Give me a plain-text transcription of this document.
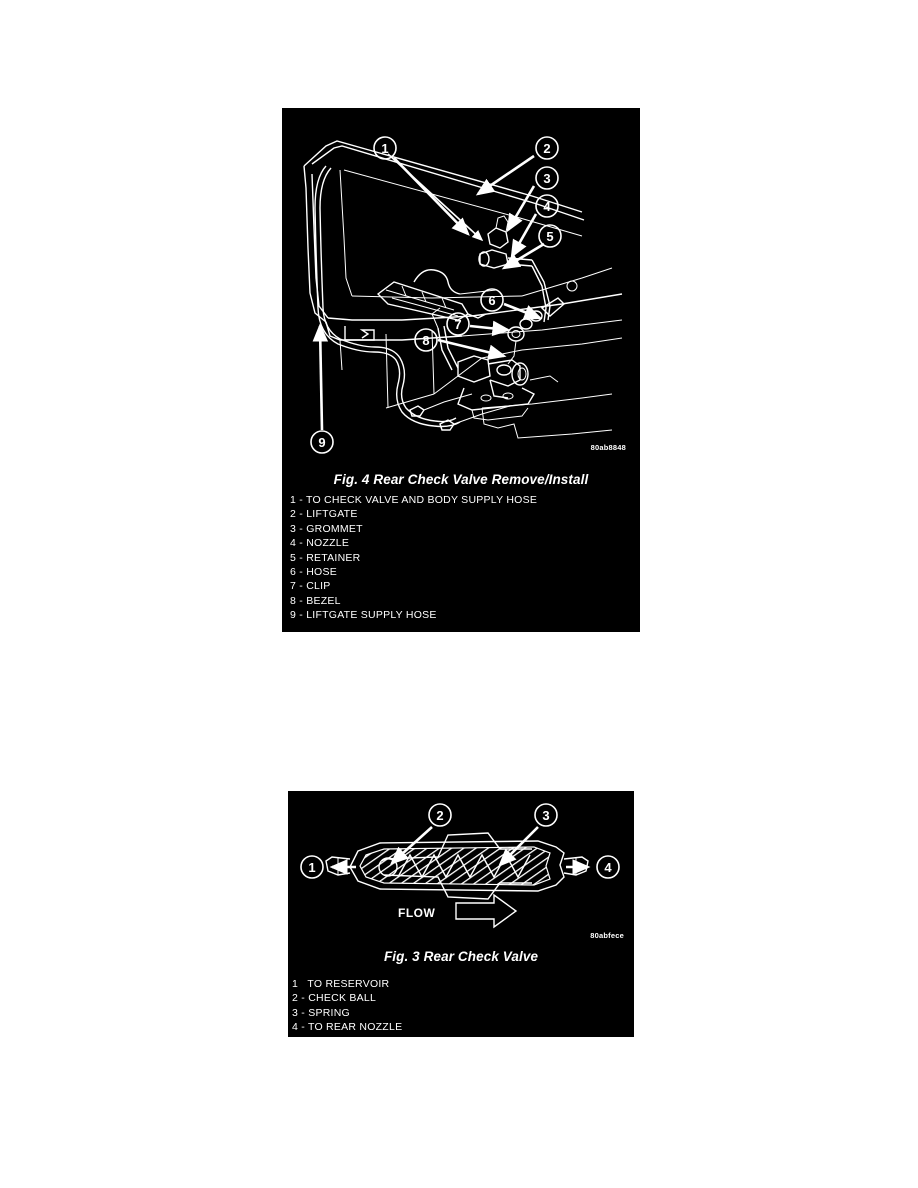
1	2
3
4
5
6
7
8
9	80ab8848
Fig. 4 Rear Check Valve Remove/Install
1 - TO CHECK VALVE AND BODY SUPPLY HOSE
2 - LIFTGATE
3 - GROMMET
4 - NOZZLE
5 - RETAINER
6 - HOSE
7 - CLIP
8 - BEZEL
9 - LIFTGATE SUPPLY HOSE
FLOW
1
2	3
4
80abfece
Fig. 3 Rear Check Valve
1 TO RESERVOIR
2 - CHECK BALL
3 - SPRING
4 - TO REAR NOZZLE
